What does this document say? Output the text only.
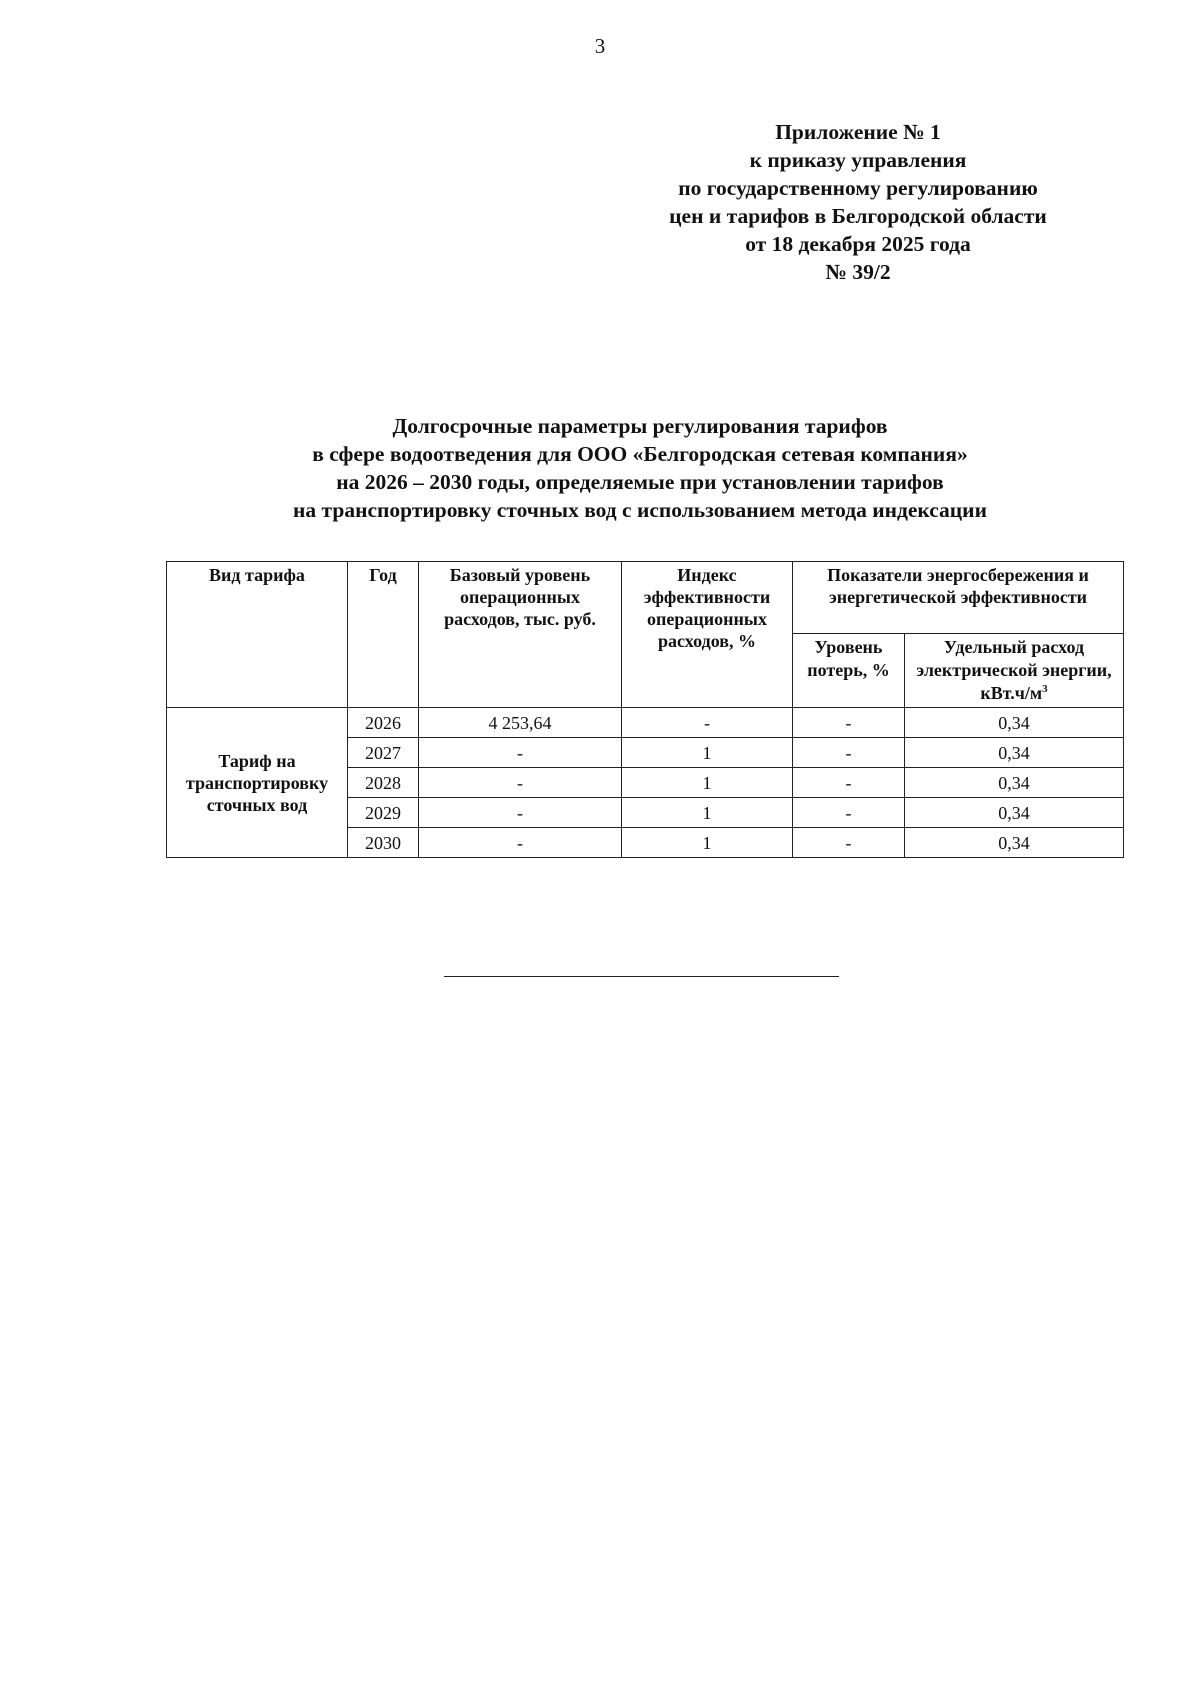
3
Приложение № 1
к приказу управления
по государственному регулированию
цен и тарифов в Белгородской области
от 18 декабря 2025 года
№ 39/2
Долгосрочные параметры регулирования тарифов
в сфере водоотведения для ООО «Белгородская сетевая компания»
на 2026 – 2030 годы, определяемые при установлении тарифов
на транспортировку сточных вод с использованием метода индексации
Вид тарифа	Год	Базовый уровень операционных расходов, тыс. руб.	Индекс эффективности операционных расходов, %	Показатели энергосбережения и энергетической эффективности	
				Уровень потерь, %	Удельный расход электрической энергии, $кВт.ч/м^3$
Тариф на транспортировку сточных вод	2026	4 253,64	-	-	0,34
	2027	-	1	-	0,34
	2028	-	1	-	0,34
	2029	-	1	-	0,34
	2030	-	1	-	0,34
